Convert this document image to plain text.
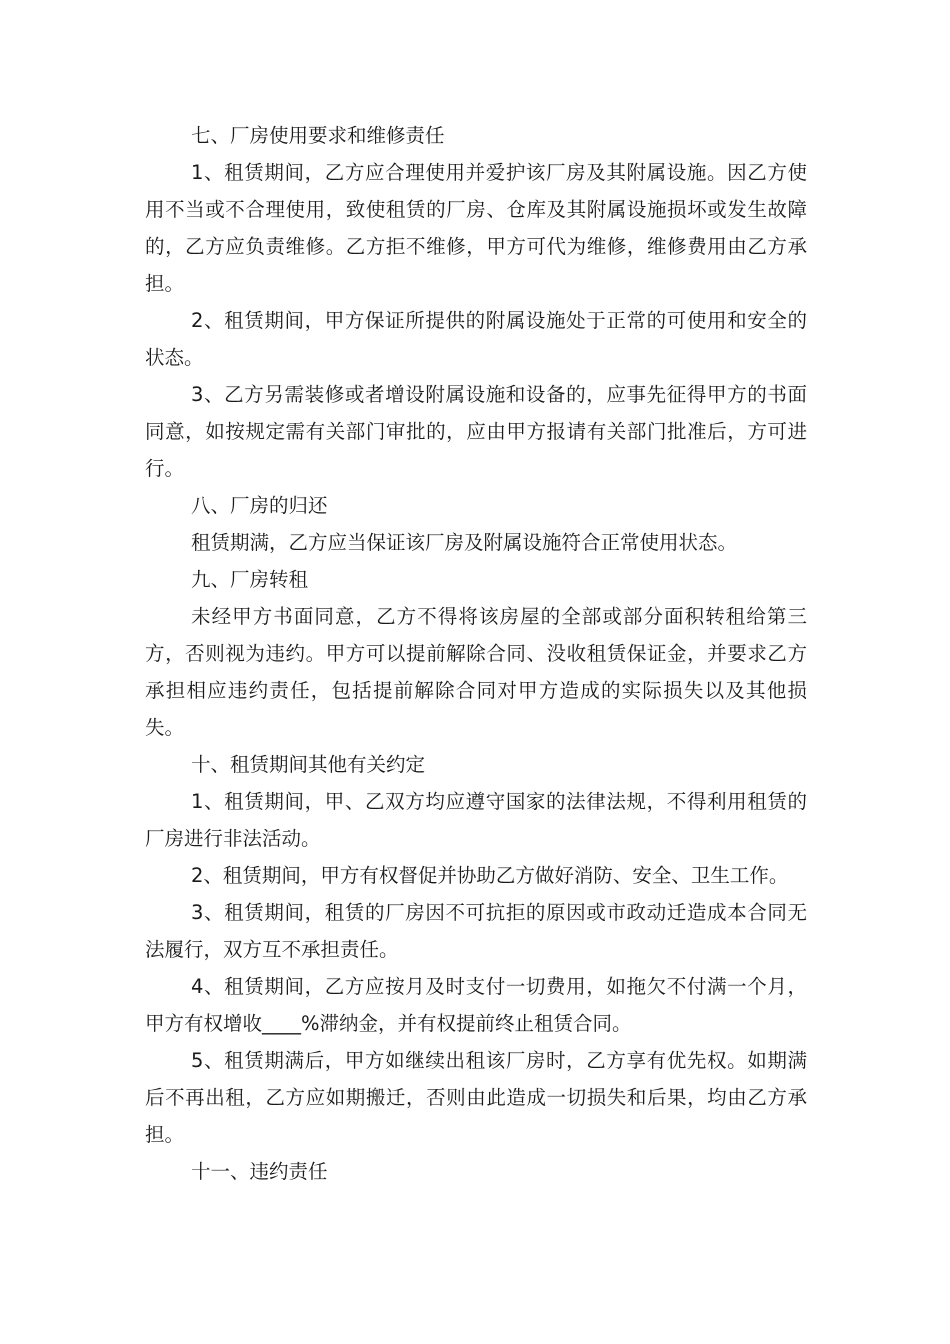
七、厂房使用要求和维修责任

1、租赁期间，乙方应合理使用并爱护该厂房及其附属设施。因乙方使用不当或不合理使用，致使租赁的厂房、仓库及其附属设施损坏或发生故障的，乙方应负责维修。乙方拒不维修，甲方可代为维修，维修费用由乙方承担。

2、租赁期间，甲方保证所提供的附属设施处于正常的可使用和安全的状态。

3、乙方另需装修或者增设附属设施和设备的，应事先征得甲方的书面同意，如按规定需有关部门审批的，应由甲方报请有关部门批准后，方可进行。

八、厂房的归还

租赁期满，乙方应当保证该厂房及附属设施符合正常使用状态。

九、厂房转租

未经甲方书面同意，乙方不得将该房屋的全部或部分面积转租给第三方，否则视为违约。甲方可以提前解除合同、没收租赁保证金，并要求乙方承担相应违约责任，包括提前解除合同对甲方造成的实际损失以及其他损失。

十、租赁期间其他有关约定

1、租赁期间，甲、乙双方均应遵守国家的法律法规，不得利用租赁的厂房进行非法活动。

2、租赁期间，甲方有权督促并协助乙方做好消防、安全、卫生工作。

3、租赁期间，租赁的厂房因不可抗拒的原因或市政动迁造成本合同无法履行，双方互不承担责任。

4、租赁期间，乙方应按月及时支付一切费用，如拖欠不付满一个月，甲方有权增收____%滞纳金，并有权提前终止租赁合同。

5、租赁期满后，甲方如继续出租该厂房时，乙方享有优先权。如期满后不再出租，乙方应如期搬迁，否则由此造成一切损失和后果，均由乙方承担。

十一、违约责任
